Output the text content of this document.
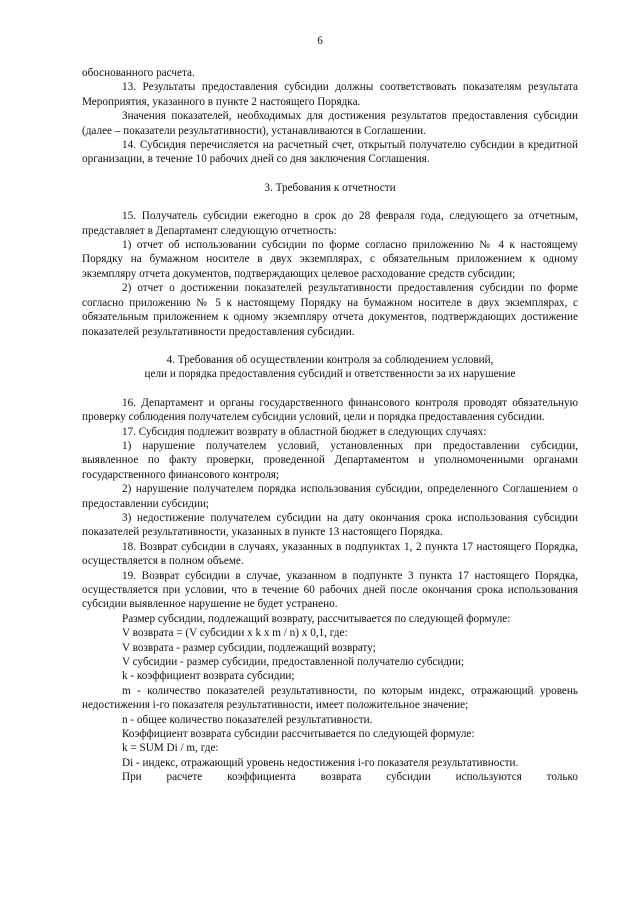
6

обоснованного расчета.

13. Результаты предоставления субсидии должны соответствовать показателям результата Мероприятия, указанного в пункте 2 настоящего Порядка.

Значения показателей, необходимых для достижения результатов предоставления субсидии (далее – показатели результативности), устанавливаются в Соглашении.

14. Субсидия перечисляется на расчетный счет, открытый получателю субсидии в кредитной организации, в течение 10 рабочих дней со дня заключения Соглашения.

3. Требования к отчетности

15. Получатель субсидии ежегодно в срок до 28 февраля года, следующего за отчетным, представляет в Департамент следующую отчетность:

1) отчет об использовании субсидии по форме согласно приложению № 4 к настоящему Порядку на бумажном носителе в двух экземплярах, с обязательным приложением к одному экземпляру отчета документов, подтверждающих целевое расходование средств субсидии;

2) отчет о достижении показателей результативности предоставления субсидии по форме согласно приложению № 5 к настоящему Порядку на бумажном носителе в двух экземплярах, с обязательным приложением к одному экземпляру отчета документов, подтверждающих достижение показателей результативности предоставления субсидии.

4. Требования об осуществлении контроля за соблюдением условий,

цели и порядка предоставления субсидий и ответственности за их нарушение

16. Департамент и органы государственного финансового контроля проводят обязательную проверку соблюдения получателем субсидии условий, цели и порядка предоставления субсидии.

17. Субсидия подлежит возврату в областной бюджет в следующих случаях:

1) нарушение получателем условий, установленных при предоставлении субсидии, выявленное по факту проверки, проведенной Департаментом и уполномоченными органами государственного финансового контроля;

2) нарушение получателем порядка использования субсидии, определенного Соглашением о предоставлении субсидии;

3) недостижение получателем субсидии на дату окончания срока использования субсидии показателей результативности, указанных в пункте 13 настоящего Порядка.

18. Возврат субсидии в случаях, указанных в подпунктах 1, 2 пункта 17 настоящего Порядка, осуществляется в полном объеме.

19. Возврат субсидии в случае, указанном в подпункте 3 пункта 17 настоящего Порядка, осуществляется при условии, что в течение 60 рабочих дней после окончания срока использования субсидии выявленное нарушение не будет устранено.

Размер субсидии, подлежащий возврату, рассчитывается по следующей формуле:

V возврата = (V субсидии x k x m / n) x 0,1, где:

V возврата - размер субсидии, подлежащий возврату;

V субсидии - размер субсидии, предоставленной получателю субсидии;

k - коэффициент возврата субсидии;

m - количество показателей результативности, по которым индекс, отражающий уровень недостижения i-го показателя результативности, имеет положительное значение;

n - общее количество показателей результативности.

Коэффициент возврата субсидии рассчитывается по следующей формуле:

k = SUM Di / m, где:

Di - индекс, отражающий уровень недостижения i-го показателя результативности.

При расчете коэффициента возврата субсидии используются только
